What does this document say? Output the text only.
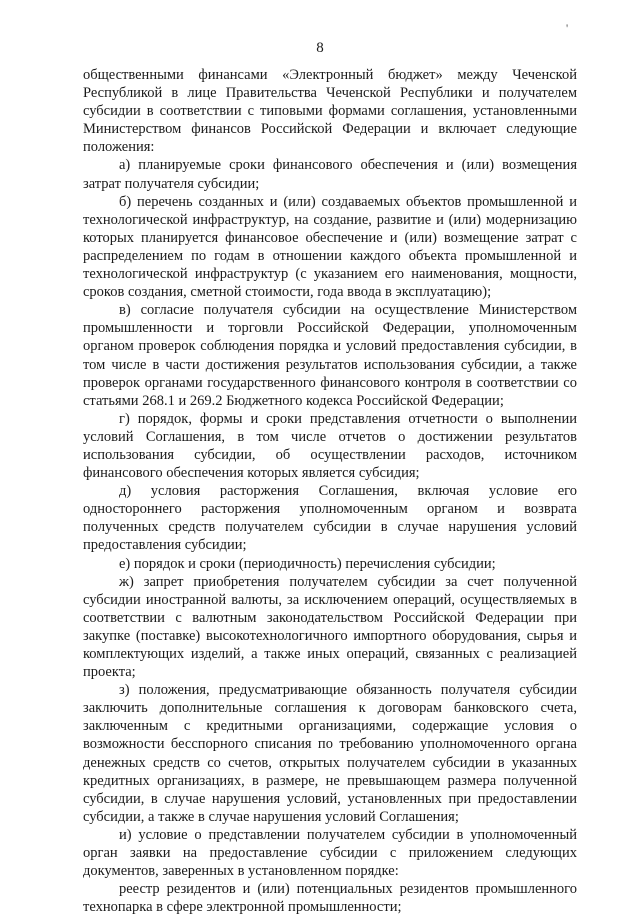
'
8

общественными финансами «Электронный бюджет» между Чеченской Республикой в лице Правительства Чеченской Республики и получателем субсидии в соответствии с типовыми формами соглашения, установленными Министерством финансов Российской Федерации и включает следующие положения:

а) планируемые сроки финансового обеспечения и (или) возмещения затрат получателя субсидии;

б) перечень созданных и (или) создаваемых объектов промышленной и технологической инфраструктур, на создание, развитие и (или) модернизацию которых планируется финансовое обеспечение и (или) возмещение затрат с распределением по годам в отношении каждого объекта промышленной и технологической инфраструктур (с указанием его наименования, мощности, сроков создания, сметной стоимости, года ввода в эксплуатацию);

в) согласие получателя субсидии на осуществление Министерством промышленности и торговли Российской Федерации, уполномоченным органом проверок соблюдения порядка и условий предоставления субсидии, в том числе в части достижения результатов использования субсидии, а также проверок органами государственного финансового контроля в соответствии со статьями 268.1 и 269.2 Бюджетного кодекса Российской Федерации;

г) порядок, формы и сроки представления отчетности о выполнении условий Соглашения, в том числе отчетов о достижении результатов использования субсидии, об осуществлении расходов, источником финансового обеспечения которых является субсидия;

д) условия расторжения Соглашения, включая условие его одностороннего расторжения уполномоченным органом и возврата полученных средств получателем субсидии в случае нарушения условий предоставления субсидии;

е) порядок и сроки (периодичность) перечисления субсидии;

ж) запрет приобретения получателем субсидии за счет полученной субсидии иностранной валюты, за исключением операций, осуществляемых в соответствии с валютным законодательством Российской Федерации при закупке (поставке) высокотехнологичного импортного оборудования, сырья и комплектующих изделий, а также иных операций, связанных с реализацией проекта;

з) положения, предусматривающие обязанность получателя субсидии заключить дополнительные соглашения к договорам банковского счета, заключенным с кредитными организациями, содержащие условия о возможности бесспорного списания по требованию уполномоченного органа денежных средств со счетов, открытых получателем субсидии в указанных кредитных организациях, в размере, не превышающем размера полученной субсидии, в случае нарушения условий, установленных при предоставлении субсидии, а также в случае нарушения условий Соглашения;

и) условие о представлении получателем субсидии в уполномоченный орган заявки на предоставление субсидии с приложением следующих документов, заверенных в установленном порядке:

реестр резидентов и (или) потенциальных резидентов промышленного технопарка в сфере электронной промышленности;
